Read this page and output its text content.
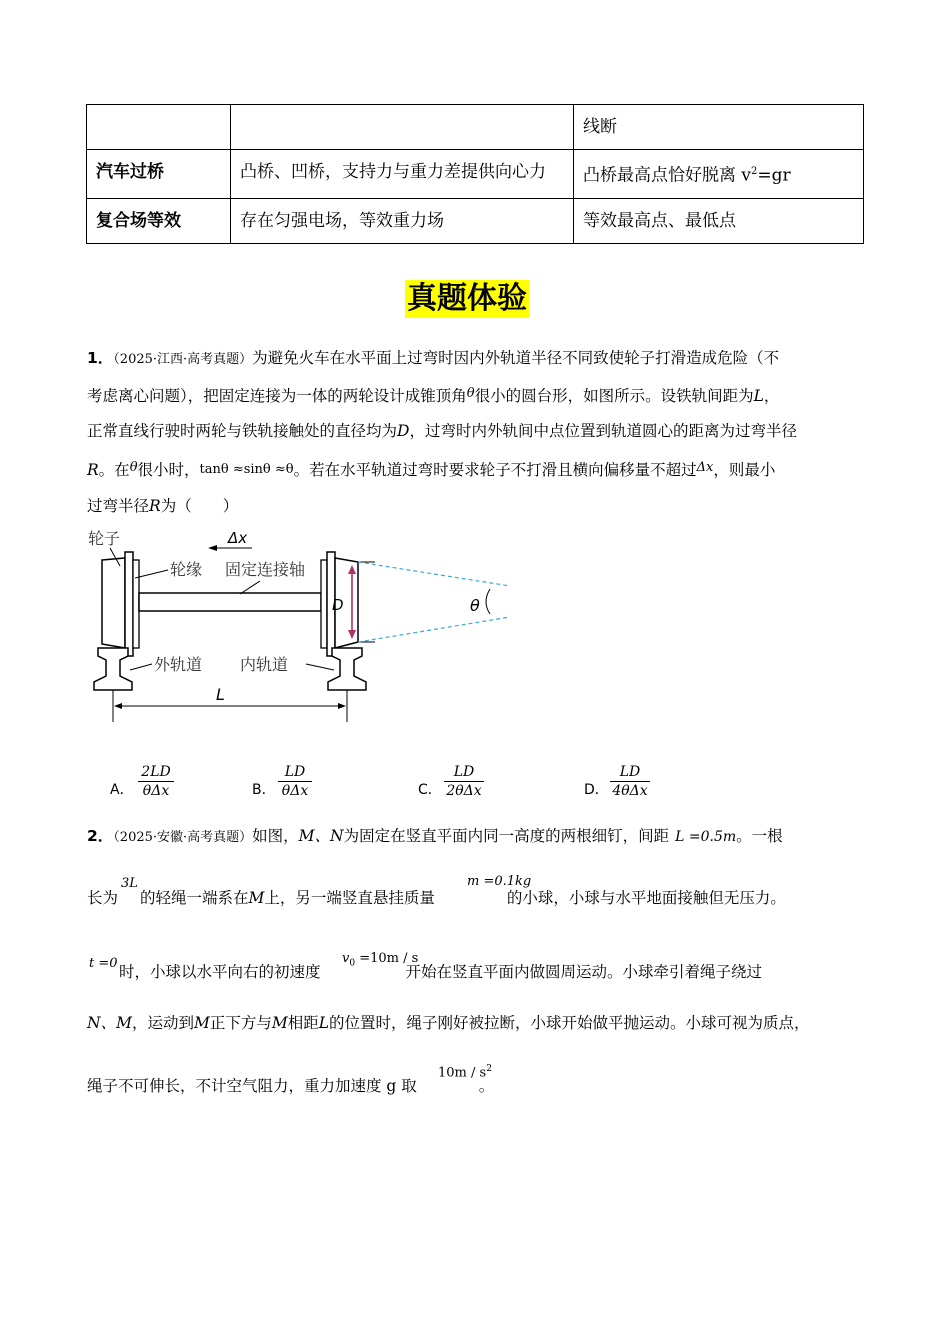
		线断
汽车过桥	凸桥、凹桥，支持力与重力差提供向心力	凸桥最高点恰好脱离 $v^2=gr$
复合场等效	存在匀强电场，等效重力场	等效最高点、最低点
真题体验
1．（2025·江西·高考真题）为避免火车在水平面上过弯时因内外轨道半径不同致使轮子打滑造成危险（不
考虑离心问题），把固定连接为一体的两轮设计成锥顶角$^\theta$很小的圆台形，如图所示。设铁轨间距为L，
正常直线行驶时两轮与铁轨接触处的直径均为D，过弯时内外轨间中点位置到轨道圆心的距离为过弯半径
R。在$^\theta$很小时，tanθ ≈sinθ ≈θ。若在水平轨道过弯时要求轮子不打滑且横向偏移量不超过$^{\Delta x}$，则最小
过弯半径R为（　　）
θ
D
L
Δx
轮子
轮缘 固定连接轴
外轨道 内轨道
A．
2LD
θΔx	B．
LD
θΔx	C．
LD
2θΔx	D．
LD
4θΔx
2．（2025·安徽·高考真题）如图，M、N为固定在竖直平面内同一高度的两根细钉，间距 L =0.5m。一根
3L	m =0.1kg
长为 的轻绳一端系在M上，另一端竖直悬挂质量	的小球，小球与水平地面接触但无压力。
t =0	$v_0 =10m / s$
时，小球以水平向右的初速度	开始在竖直平面内做圆周运动。小球牵引着绳子绕过
N、M，运动到M正下方与M相距L的位置时，绳子刚好被拉断，小球开始做平抛运动。小球可视为质点，
$10m / s^2$
绳子不可伸长，不计空气阻力，重力加速度 g 取	。
